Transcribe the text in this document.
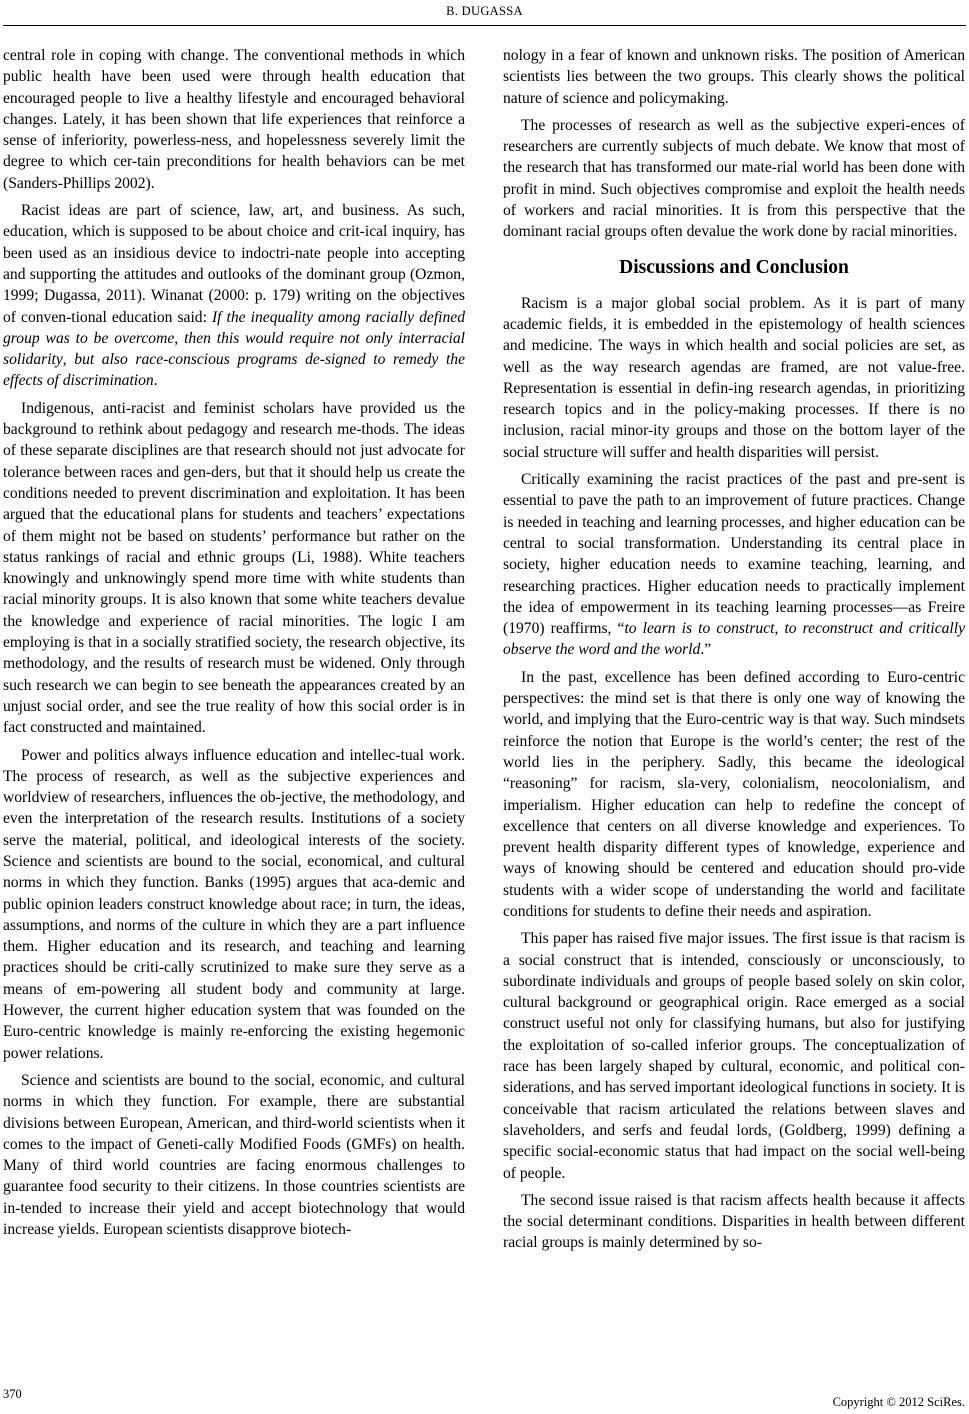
B. DUGASSA

central role in coping with change. The conventional methods in which public health have been used were through health education that encouraged people to live a healthy lifestyle and encouraged behavioral changes. Lately, it has been shown that life experiences that reinforce a sense of inferiority, powerless-ness, and hopelessness severely limit the degree to which cer-tain preconditions for health behaviors can be met (Sanders-Phillips 2002).

Racist ideas are part of science, law, art, and business. As such, education, which is supposed to be about choice and crit-ical inquiry, has been used as an insidious device to indoctri-nate people into accepting and supporting the attitudes and outlooks of the dominant group (Ozmon, 1999; Dugassa, 2011). Winanat (2000: p. 179) writing on the objectives of conven-tional education said: If the inequality among racially defined group was to be overcome, then this would require not only interracial solidarity, but also race-conscious programs de-signed to remedy the effects of discrimination.

Indigenous, anti-racist and feminist scholars have provided us the background to rethink about pedagogy and research me-thods. The ideas of these separate disciplines are that research should not just advocate for tolerance between races and gen-ders, but that it should help us create the conditions needed to prevent discrimination and exploitation. It has been argued that the educational plans for students and teachers’ expectations of them might not be based on students’ performance but rather on the status rankings of racial and ethnic groups (Li, 1988). White teachers knowingly and unknowingly spend more time with white students than racial minority groups. It is also known that some white teachers devalue the knowledge and experience of racial minorities. The logic I am employing is that in a socially stratified society, the research objective, its methodology, and the results of research must be widened. Only through such research we can begin to see beneath the appearances created by an unjust social order, and see the true reality of how this social order is in fact constructed and maintained.

Power and politics always influence education and intellec-tual work. The process of research, as well as the subjective experiences and worldview of researchers, influences the ob-jective, the methodology, and even the interpretation of the research results. Institutions of a society serve the material, political, and ideological interests of the society. Science and scientists are bound to the social, economical, and cultural norms in which they function. Banks (1995) argues that aca-demic and public opinion leaders construct knowledge about race; in turn, the ideas, assumptions, and norms of the culture in which they are a part influence them. Higher education and its research, and teaching and learning practices should be criti-cally scrutinized to make sure they serve as a means of em-powering all student body and community at large. However, the current higher education system that was founded on the Euro-centric knowledge is mainly re-enforcing the existing hegemonic power relations.

Science and scientists are bound to the social, economic, and cultural norms in which they function. For example, there are substantial divisions between European, American, and third-world scientists when it comes to the impact of Geneti-cally Modified Foods (GMFs) on health. Many of third world countries are facing enormous challenges to guarantee food security to their citizens. In those countries scientists are in-tended to increase their yield and accept biotechnology that would increase yields. European scientists disapprove biotech-

nology in a fear of known and unknown risks. The position of American scientists lies between the two groups. This clearly shows the political nature of science and policymaking.

The processes of research as well as the subjective experi-ences of researchers are currently subjects of much debate. We know that most of the research that has transformed our mate-rial world has been done with profit in mind. Such objectives compromise and exploit the health needs of workers and racial minorities. It is from this perspective that the dominant racial groups often devalue the work done by racial minorities.

Discussions and Conclusion

Racism is a major global social problem. As it is part of many academic fields, it is embedded in the epistemology of health sciences and medicine. The ways in which health and social policies are set, as well as the way research agendas are framed, are not value-free. Representation is essential in defin-ing research agendas, in prioritizing research topics and in the policy-making processes. If there is no inclusion, racial minor-ity groups and those on the bottom layer of the social structure will suffer and health disparities will persist.

Critically examining the racist practices of the past and pre-sent is essential to pave the path to an improvement of future practices. Change is needed in teaching and learning processes, and higher education can be central to social transformation. Understanding its central place in society, higher education needs to examine teaching, learning, and researching practices. Higher education needs to practically implement the idea of empowerment in its teaching learning processes—as Freire (1970) reaffirms, “to learn is to construct, to reconstruct and critically observe the word and the world.”

In the past, excellence has been defined according to Euro-centric perspectives: the mind set is that there is only one way of knowing the world, and implying that the Euro-centric way is that way. Such mindsets reinforce the notion that Europe is the world’s center; the rest of the world lies in the periphery. Sadly, this became the ideological “reasoning” for racism, sla-very, colonialism, neocolonialism, and imperialism. Higher education can help to redefine the concept of excellence that centers on all diverse knowledge and experiences. To prevent health disparity different types of knowledge, experience and ways of knowing should be centered and education should pro-vide students with a wider scope of understanding the world and facilitate conditions for students to define their needs and aspiration.

This paper has raised five major issues. The first issue is that racism is a social construct that is intended, consciously or unconsciously, to subordinate individuals and groups of people based solely on skin color, cultural background or geographical origin. Race emerged as a social construct useful not only for classifying humans, but also for justifying the exploitation of so-called inferior groups. The conceptualization of race has been largely shaped by cultural, economic, and political con-siderations, and has served important ideological functions in society. It is conceivable that racism articulated the relations between slaves and slaveholders, and serfs and feudal lords, (Goldberg, 1999) defining a specific social-economic status that had impact on the social well-being of people.

The second issue raised is that racism affects health because it affects the social determinant conditions. Disparities in health between different racial groups is mainly determined by so-

370
Copyright © 2012 SciRes.
